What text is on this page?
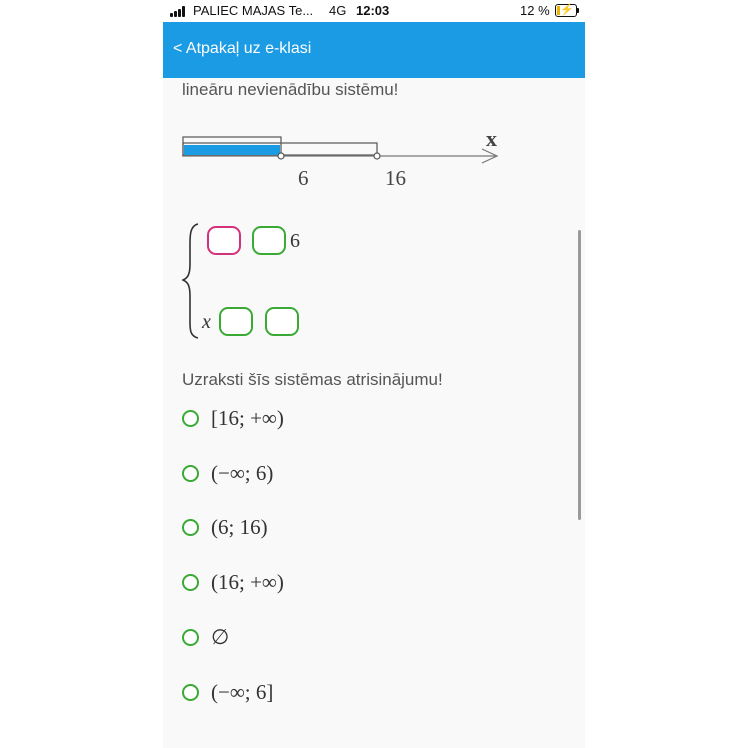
PALIEC MAJAS Te... 4G 12:03	12 % ⚡
< Atpakaļ uz e-klasi
lineāru nevienādību sistēmu!
x
6	16
6
x
Uzraksti šīs sistēmas atrisinājumu!
[16; +∞)
(−∞; 6)
(6; 16)
(16; +∞)
∅
(−∞; 6]
